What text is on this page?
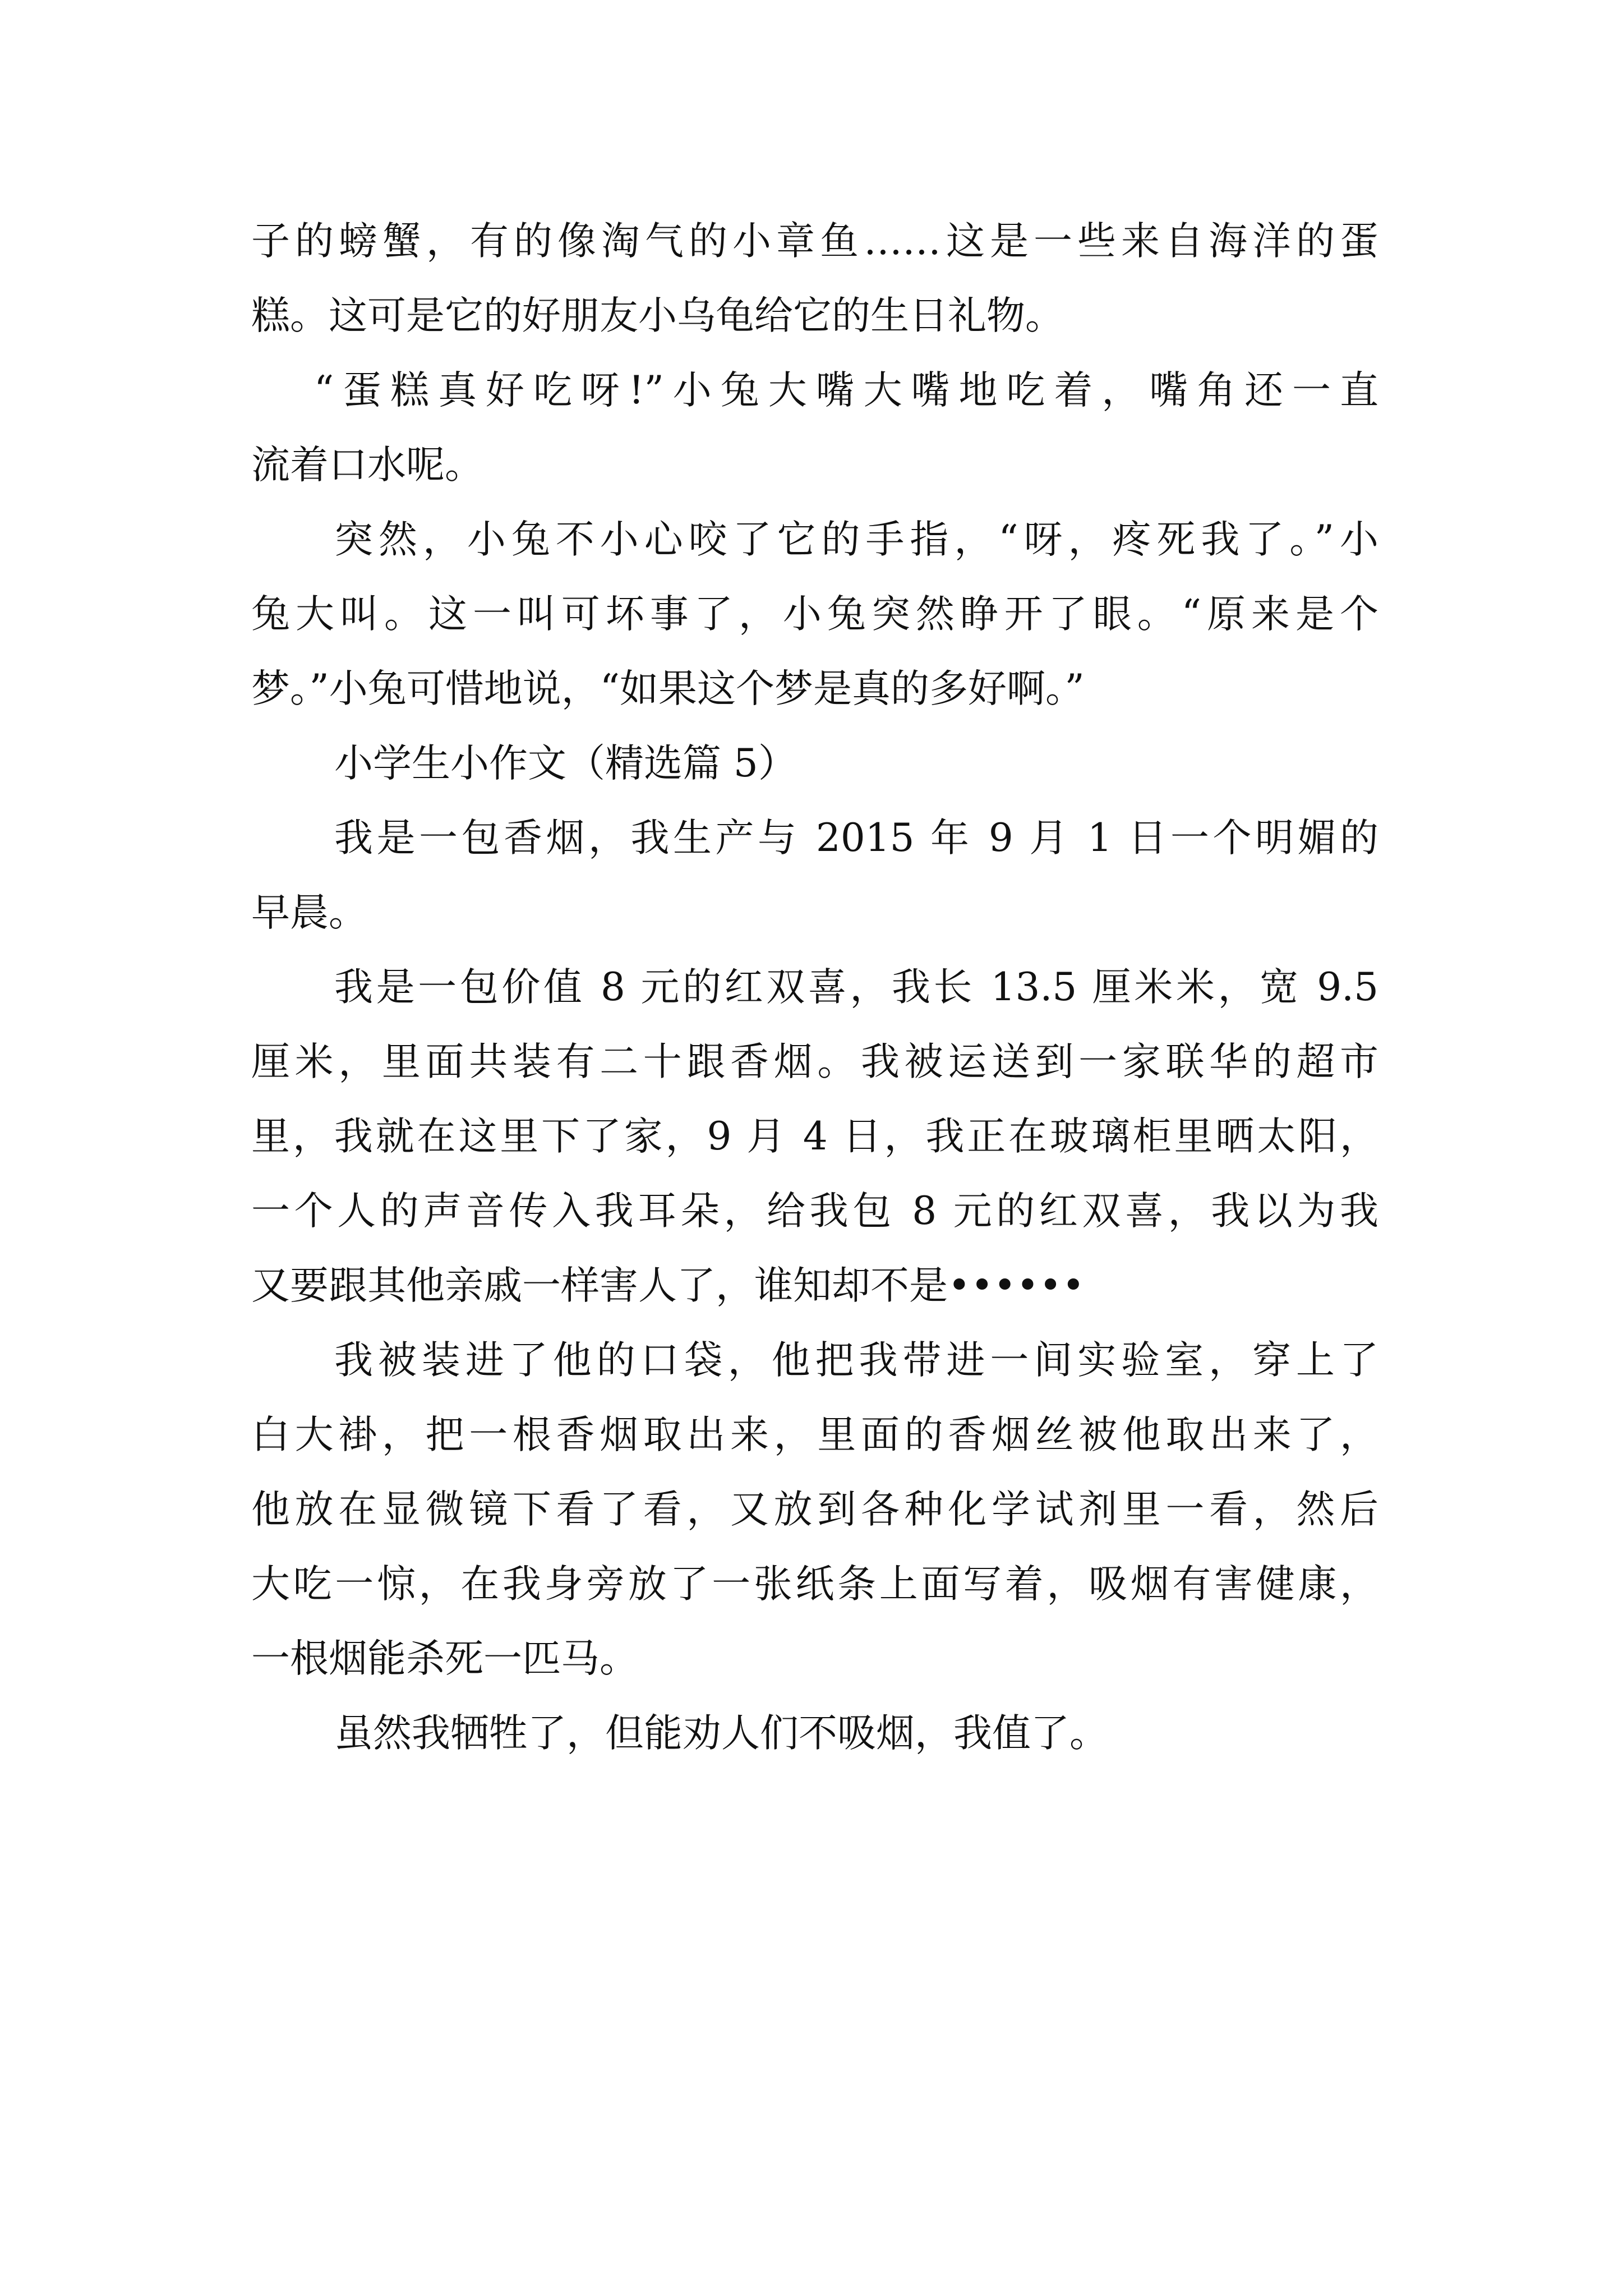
子的螃蟹，有的像淘气的小章鱼……这是一些来自海洋的蛋
糕。这可是它的好朋友小乌龟给它的生日礼物。
“蛋糕真好吃呀!”小兔大嘴大嘴地吃着，嘴角还一直
流着口水呢。
突然，小兔不小心咬了它的手指，“呀，疼死我了。”小
兔大叫。这一叫可坏事了，小兔突然睁开了眼。“原来是个
梦。”小兔可惜地说，“如果这个梦是真的多好啊。”
小学生小作文（精选篇 5）
我是一包香烟，我生产与 2015 年 9 月 1 日一个明媚的
早晨。
我是一包价值 8 元的红双喜，我长 13.5 厘米米，宽 9.5
厘米，里面共装有二十跟香烟。我被运送到一家联华的超市
里，我就在这里下了家，9 月 4 日，我正在玻璃柜里晒太阳，
一个人的声音传入我耳朵，给我包 8 元的红双喜，我以为我
又要跟其他亲戚一样害人了，谁知却不是••••••
我被装进了他的口袋，他把我带进一间实验室，穿上了
白大褂，把一根香烟取出来，里面的香烟丝被他取出来了，
他放在显微镜下看了看，又放到各种化学试剂里一看，然后
大吃一惊，在我身旁放了一张纸条上面写着，吸烟有害健康，
一根烟能杀死一匹马。
虽然我牺牲了，但能劝人们不吸烟，我值了。
